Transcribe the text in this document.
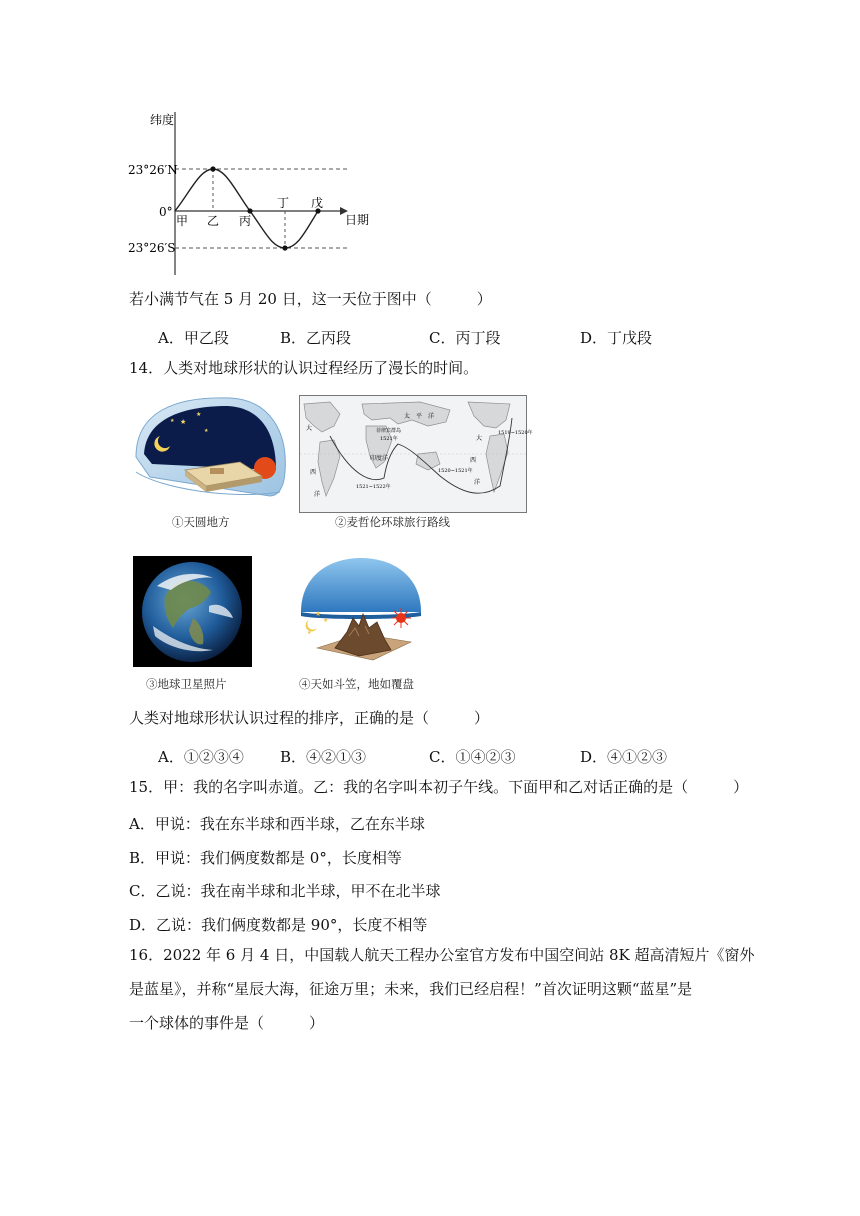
纬度
23°26′N
0°
23°26′S
日期
甲 乙 丙
丁 戊
若小满节气在 5 月 20 日，这一天位于图中（　　　）
A．甲乙段	B．乙丙段	C．丙丁段	D．丁戊段
14．人类对地球形状的认识过程经历了漫长的时间。
★
★
★
★
①天圆地方
大
西
洋
太 平 洋
印度洋
菲律宾群岛
1521年
1520~1521年
1519~1520年
1521~1522年
大
西
洋
②麦哲伦环球旅行路线
③地球卫星照片
★
★
★
④天如斗笠，地如覆盘
人类对地球形状认识过程的排序，正确的是（　　　）
A．①②③④ B．④②①③	C．①④②③	D．④①②③
15．甲：我的名字叫赤道。乙：我的名字叫本初子午线。下面甲和乙对话正确的是（　　　）
A．甲说：我在东半球和西半球，乙在东半球
B．甲说：我们俩度数都是 0°，长度相等
C．乙说：我在南半球和北半球，甲不在北半球
D．乙说：我们俩度数都是 90°，长度不相等
16．2022 年 6 月 4 日，中国载人航天工程办公室官方发布中国空间站 8K 超高清短片《窗外
是蓝星》，并称“星辰大海，征途万里；未来，我们已经启程！”首次证明这颗“蓝星”是
一个球体的事件是（　　　）
